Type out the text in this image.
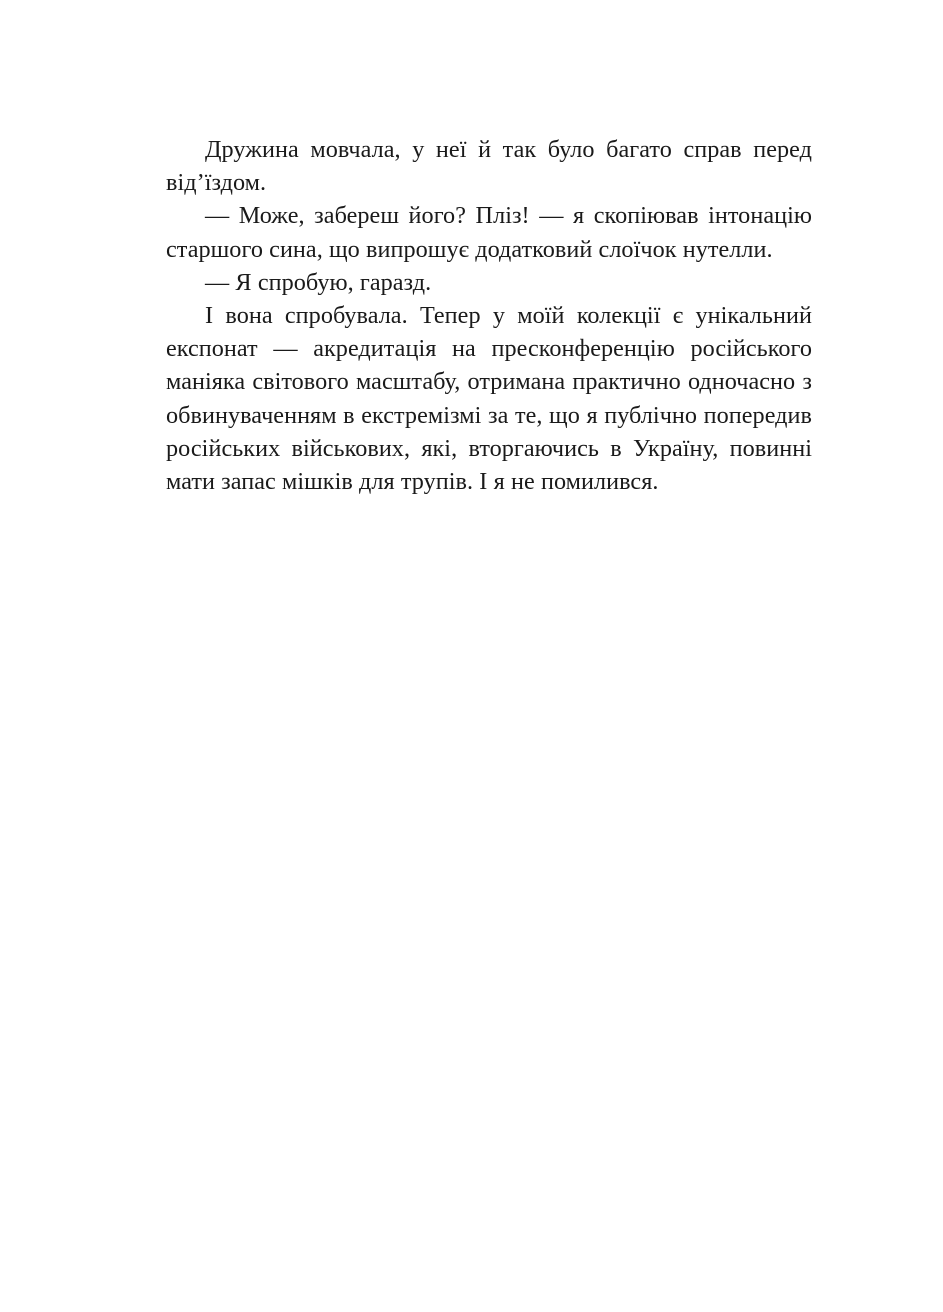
Дружина мовчала, у неї й так було багато справ перед від’їздом.

— Може, забереш його? Пліз! — я скопіював інтонацію старшого сина, що випрошує додатковий слоїчок нутелли.

— Я спробую, гаразд.

І вона спробувала. Тепер у моїй колекції є унікальний експонат — акредитація на пресконференцію російського маніяка світового масштабу, отримана практично одночасно з обвинуваченням в екстремізмі за те, що я публічно попередив російських військових, які, вторгаючись в Україну, повинні мати запас мішків для трупів. І я не помилився.
